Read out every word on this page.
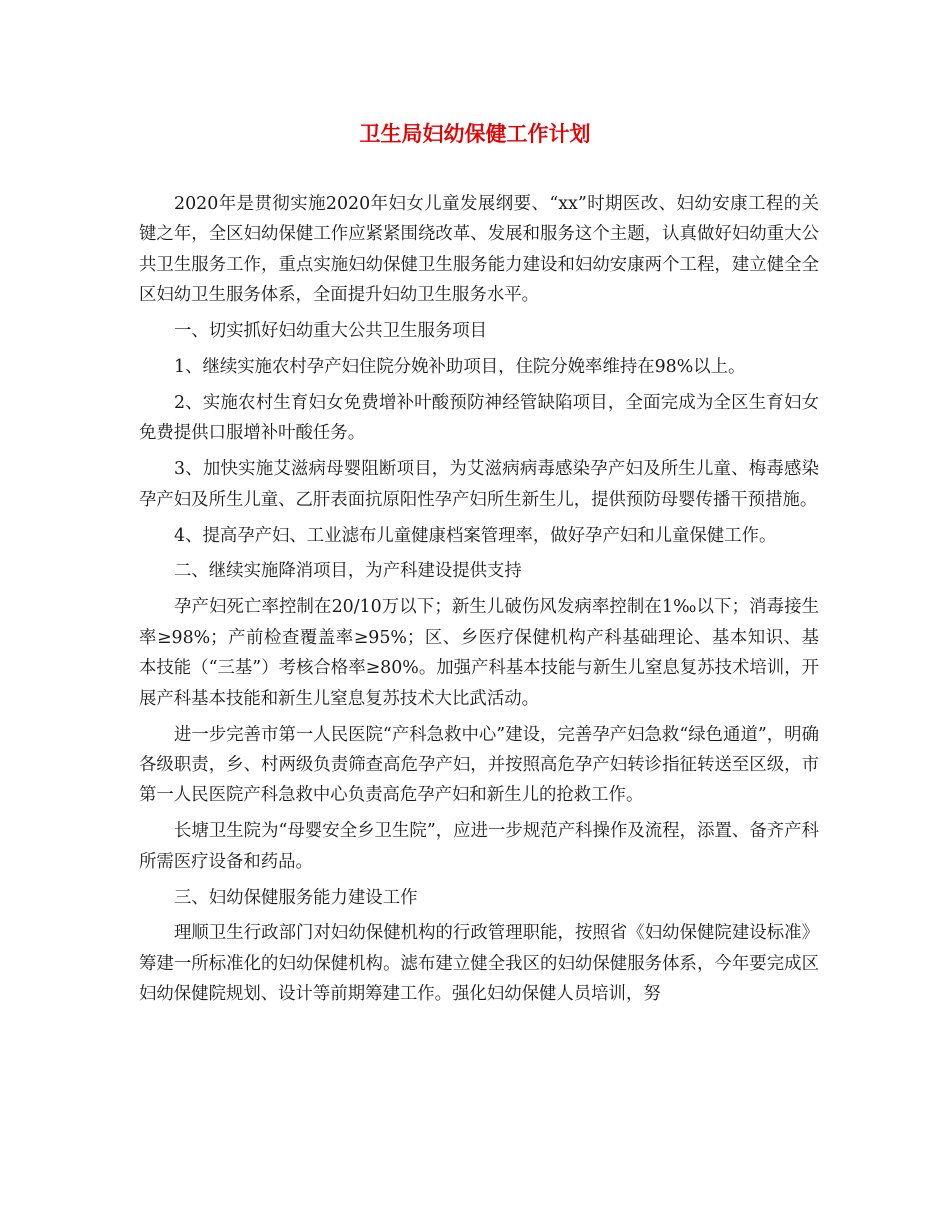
卫生局妇幼保健工作计划

2020年是贯彻实施2020年妇女儿童发展纲要、“xx”时期医改、妇幼安康工程的关键之年，全区妇幼保健工作应紧紧围绕改革、发展和服务这个主题，认真做好妇幼重大公共卫生服务工作，重点实施妇幼保健卫生服务能力建设和妇幼安康两个工程，建立健全全区妇幼卫生服务体系，全面提升妇幼卫生服务水平。

一、切实抓好妇幼重大公共卫生服务项目

1、继续实施农村孕产妇住院分娩补助项目，住院分娩率维持在98%以上。

2、实施农村生育妇女免费增补叶酸预防神经管缺陷项目，全面完成为全区生育妇女免费提供口服增补叶酸任务。

3、加快实施艾滋病母婴阻断项目，为艾滋病病毒感染孕产妇及所生儿童、梅毒感染孕产妇及所生儿童、乙肝表面抗原阳性孕产妇所生新生儿，提供预防母婴传播干预措施。

4、提高孕产妇、工业滤布儿童健康档案管理率，做好孕产妇和儿童保健工作。

二、继续实施降消项目，为产科建设提供支持

孕产妇死亡率控制在20/10万以下；新生儿破伤风发病率控制在1‰以下；消毒接生率≥98%；产前检查覆盖率≥95%；区、乡医疗保健机构产科基础理论、基本知识、基本技能（“三基”）考核合格率≥80%。加强产科基本技能与新生儿窒息复苏技术培训，开展产科基本技能和新生儿窒息复苏技术大比武活动。

进一步完善市第一人民医院“产科急救中心”建设，完善孕产妇急救“绿色通道”，明确各级职责，乡、村两级负责筛查高危孕产妇，并按照高危孕产妇转诊指征转送至区级，市第一人民医院产科急救中心负责高危孕产妇和新生儿的抢救工作。

长塘卫生院为“母婴安全乡卫生院”，应进一步规范产科操作及流程，添置、备齐产科所需医疗设备和药品。

三、妇幼保健服务能力建设工作

理顺卫生行政部门对妇幼保健机构的行政管理职能，按照省《妇幼保健院建设标准》筹建一所标准化的妇幼保健机构。滤布建立健全我区的妇幼保健服务体系，今年要完成区妇幼保健院规划、设计等前期筹建工作。强化妇幼保健人员培训，努
